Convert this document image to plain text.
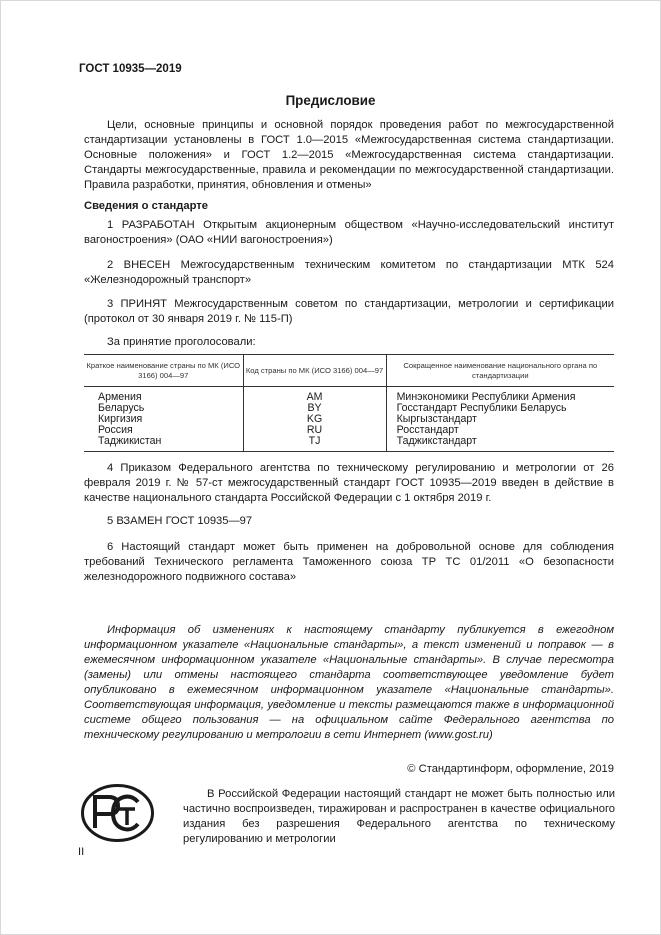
ГОСТ 10935—2019
Предисловие

Цели, основные принципы и основной порядок проведения работ по межгосударственной стандартизации установлены в ГОСТ 1.0—2015 «Межгосударственная система стандартизации. Основные положения» и ГОСТ 1.2—2015 «Межгосударственная система стандартизации. Стандарты межгосударственные, правила и рекомендации по межгосударственной стандартизации. Правила разработки, принятия, обновления и отмены»

Сведения о стандарте

1 РАЗРАБОТАН Открытым акционерным обществом «Научно-исследовательский институт вагоностроения» (ОАО «НИИ вагоностроения»)

2 ВНЕСЕН Межгосударственным техническим комитетом по стандартизации МТК 524 «Железнодорожный транспорт»

3 ПРИНЯТ Межгосударственным советом по стандартизации, метрологии и сертификации (протокол от 30 января 2019 г. № 115-П)

За принятие проголосовали:

Краткое наименование страны по МК (ИСО 3166) 004—97	Код страны по МК (ИСО 3166) 004—97	Сокращенное наименование национального органа по стандартизации
Армения	AM	Минэкономики Республики Армения
Беларусь	BY	Госстандарт Республики Беларусь
Киргизия	KG	Кыргызстандарт
Россия	RU	Росстандарт
Таджикистан	TJ	Таджикстандарт

4 Приказом Федерального агентства по техническому регулированию и метрологии от 26 февраля 2019 г. № 57-ст межгосударственный стандарт ГОСТ 10935—2019 введен в действие в качестве национального стандарта Российской Федерации с 1 октября 2019 г.

5 ВЗАМЕН ГОСТ 10935—97

6 Настоящий стандарт может быть применен на добровольной основе для соблюдения требований Технического регламента Таможенного союза ТР ТС 01/2011 «О безопасности железнодорожного подвижного состава»

Информация об изменениях к настоящему стандарту публикуется в ежегодном информационном указателе «Национальные стандарты», а текст изменений и поправок — в ежемесячном информационном указателе «Национальные стандарты». В случае пересмотра (замены) или отмены настоящего стандарта соответствующее уведомление будет опубликовано в ежемесячном информационном указателе «Национальные стандарты». Соответствующая информация, уведомление и тексты размещаются также в информационной системе общего пользования — на официальном сайте Федерального агентства по техническому регулированию и метрологии в сети Интернет (www.gost.ru)

© Стандартинформ, оформление, 2019
В Российской Федерации настоящий стандарт не может быть полностью или частично воспроизведен, тиражирован и распространен в качестве официального издания без разрешения Федерального агентства по техническому регулированию и метрологии
II
